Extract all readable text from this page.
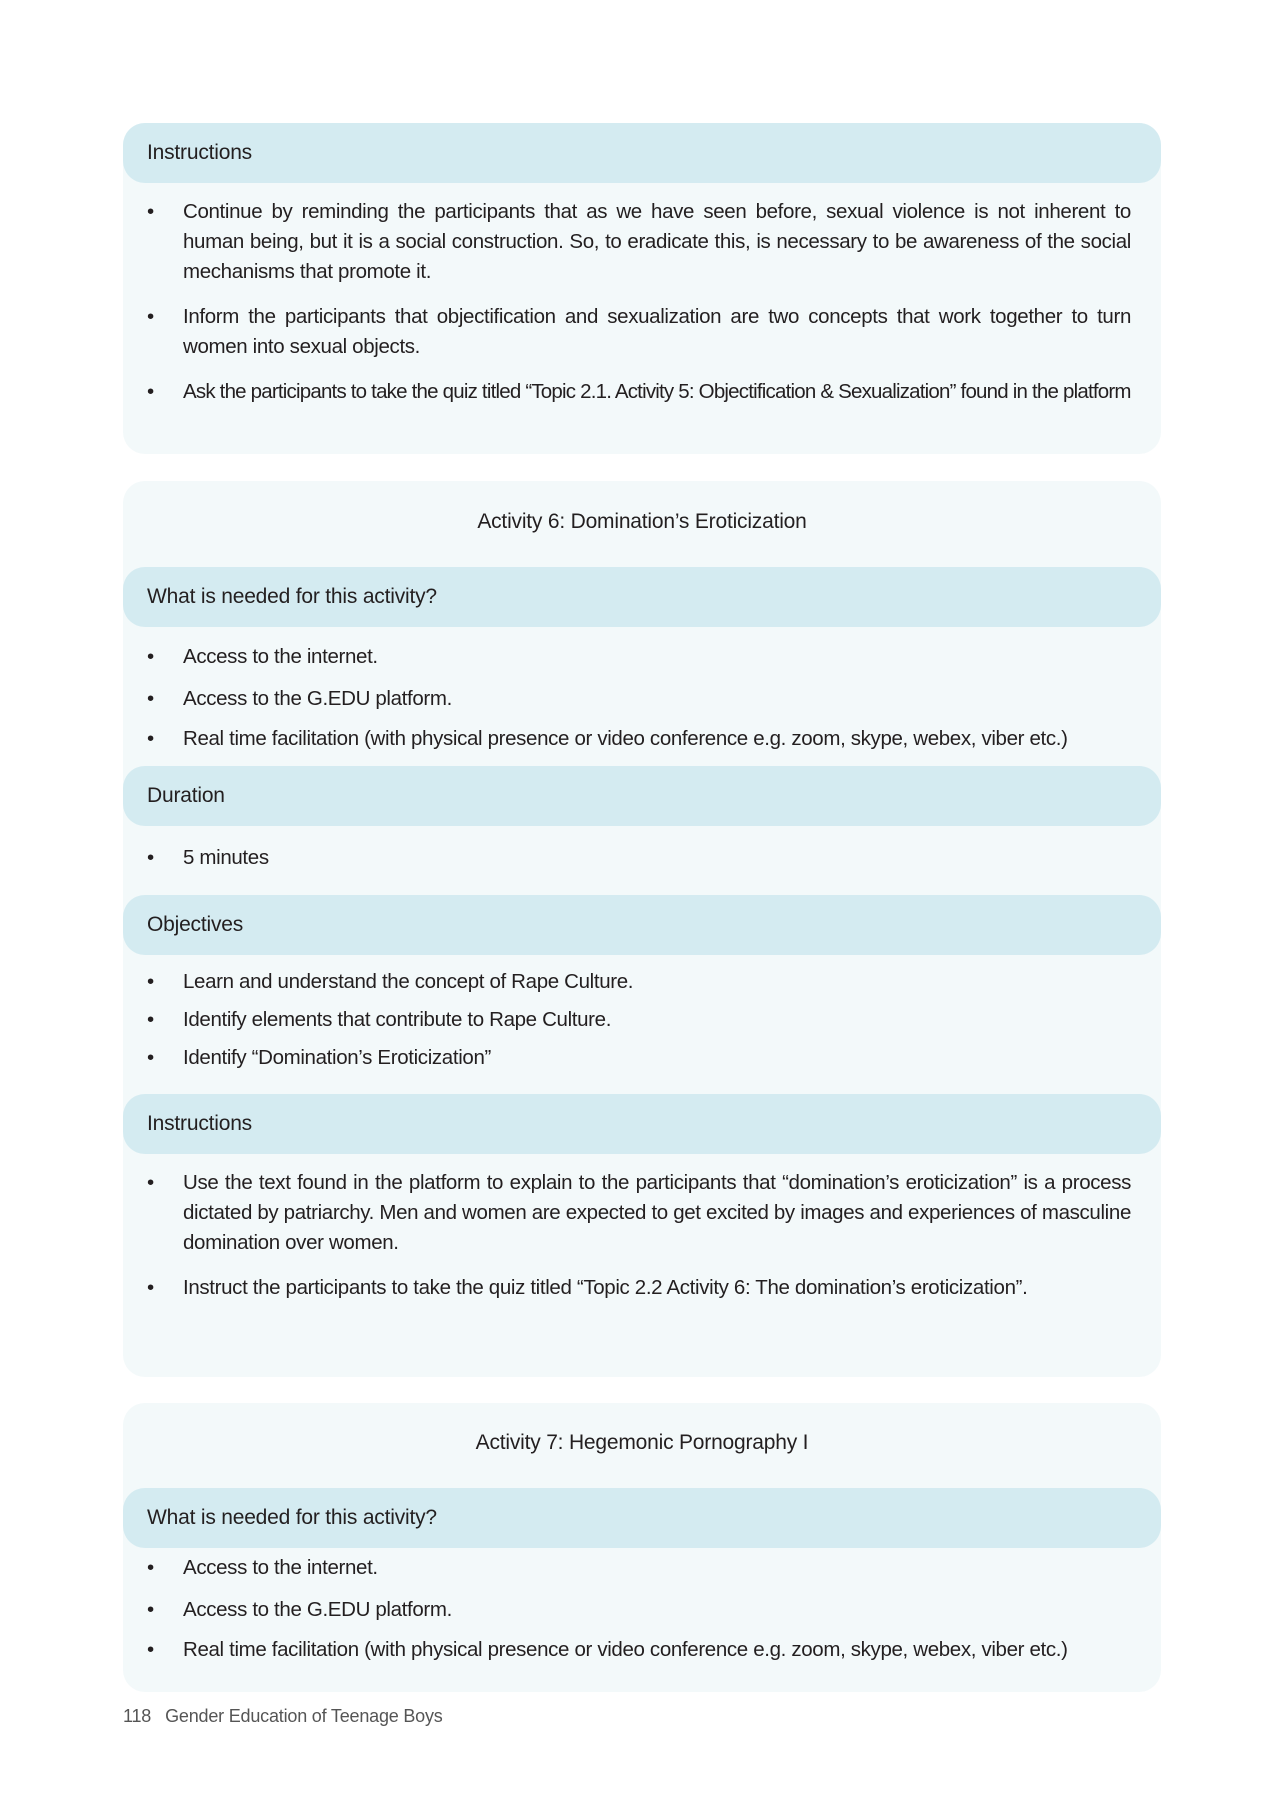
Instructions
• Continue by reminding the participants that as we have seen before, sexual violence is not inherent to human being, but it is a social construction. So, to eradicate this, is necessary to be awareness of the social mechanisms that promote it.
• Inform the participants that objectification and sexualization are two concepts that work together to turn women into sexual objects.
• Ask the participants to take the quiz titled “Topic 2.1. Activity 5: Objectification & Sexualization” found in the platform
Activity 6: Domination’s Eroticization
What is needed for this activity?
• Access to the internet.
• Access to the G.EDU platform.
• Real time facilitation (with physical presence or video conference e.g. zoom, skype, webex, viber etc.)
Duration
• 5 minutes
Objectives
• Learn and understand the concept of Rape Culture.
• Identify elements that contribute to Rape Culture.
• Identify “Domination’s Eroticization”
Instructions
• Use the text found in the platform to explain to the participants that “domination’s eroticization” is a process dictated by patriarchy. Men and women are expected to get excited by images and experiences of masculine domination over women.
• Instruct the participants to take the quiz titled “Topic 2.2 Activity 6: The domination’s eroticization”.
Activity 7: Hegemonic Pornography I
What is needed for this activity?
• Access to the internet.
• Access to the G.EDU platform.
• Real time facilitation (with physical presence or video conference e.g. zoom, skype, webex, viber etc.)
118 Gender Education of Teenage Boys
